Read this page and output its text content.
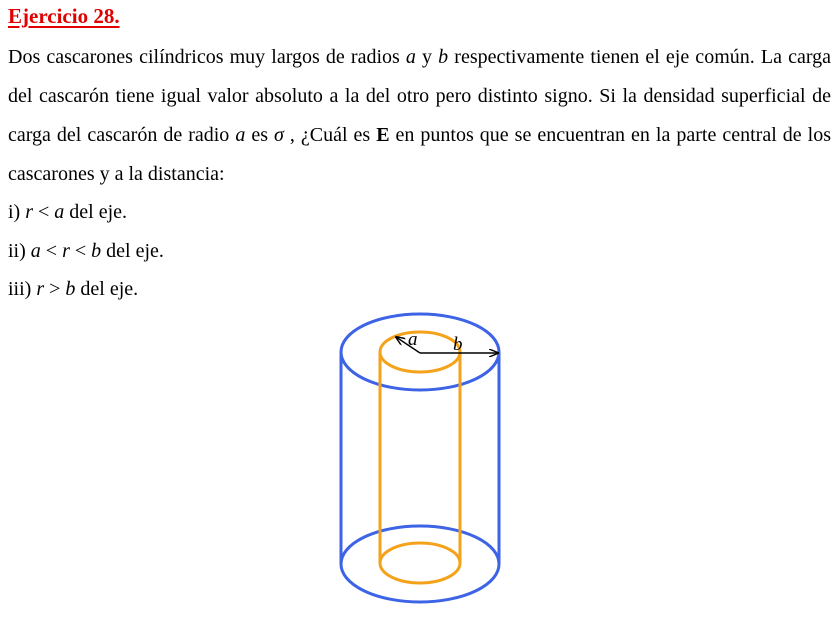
Ejercicio 28.
Dos cascarones cilíndricos muy largos de radios a y b respectivamente tienen el eje común. La carga del cascarón tiene igual valor absoluto a la del otro pero distinto signo. Si la densidad superficial de carga del cascarón de radio a es σ , ¿Cuál es E en puntos que se encuentran en la parte central de los cascarones y a la distancia:
i) r < a del eje.
ii) a < r < b del eje.
iii) r > b del eje.
a b
